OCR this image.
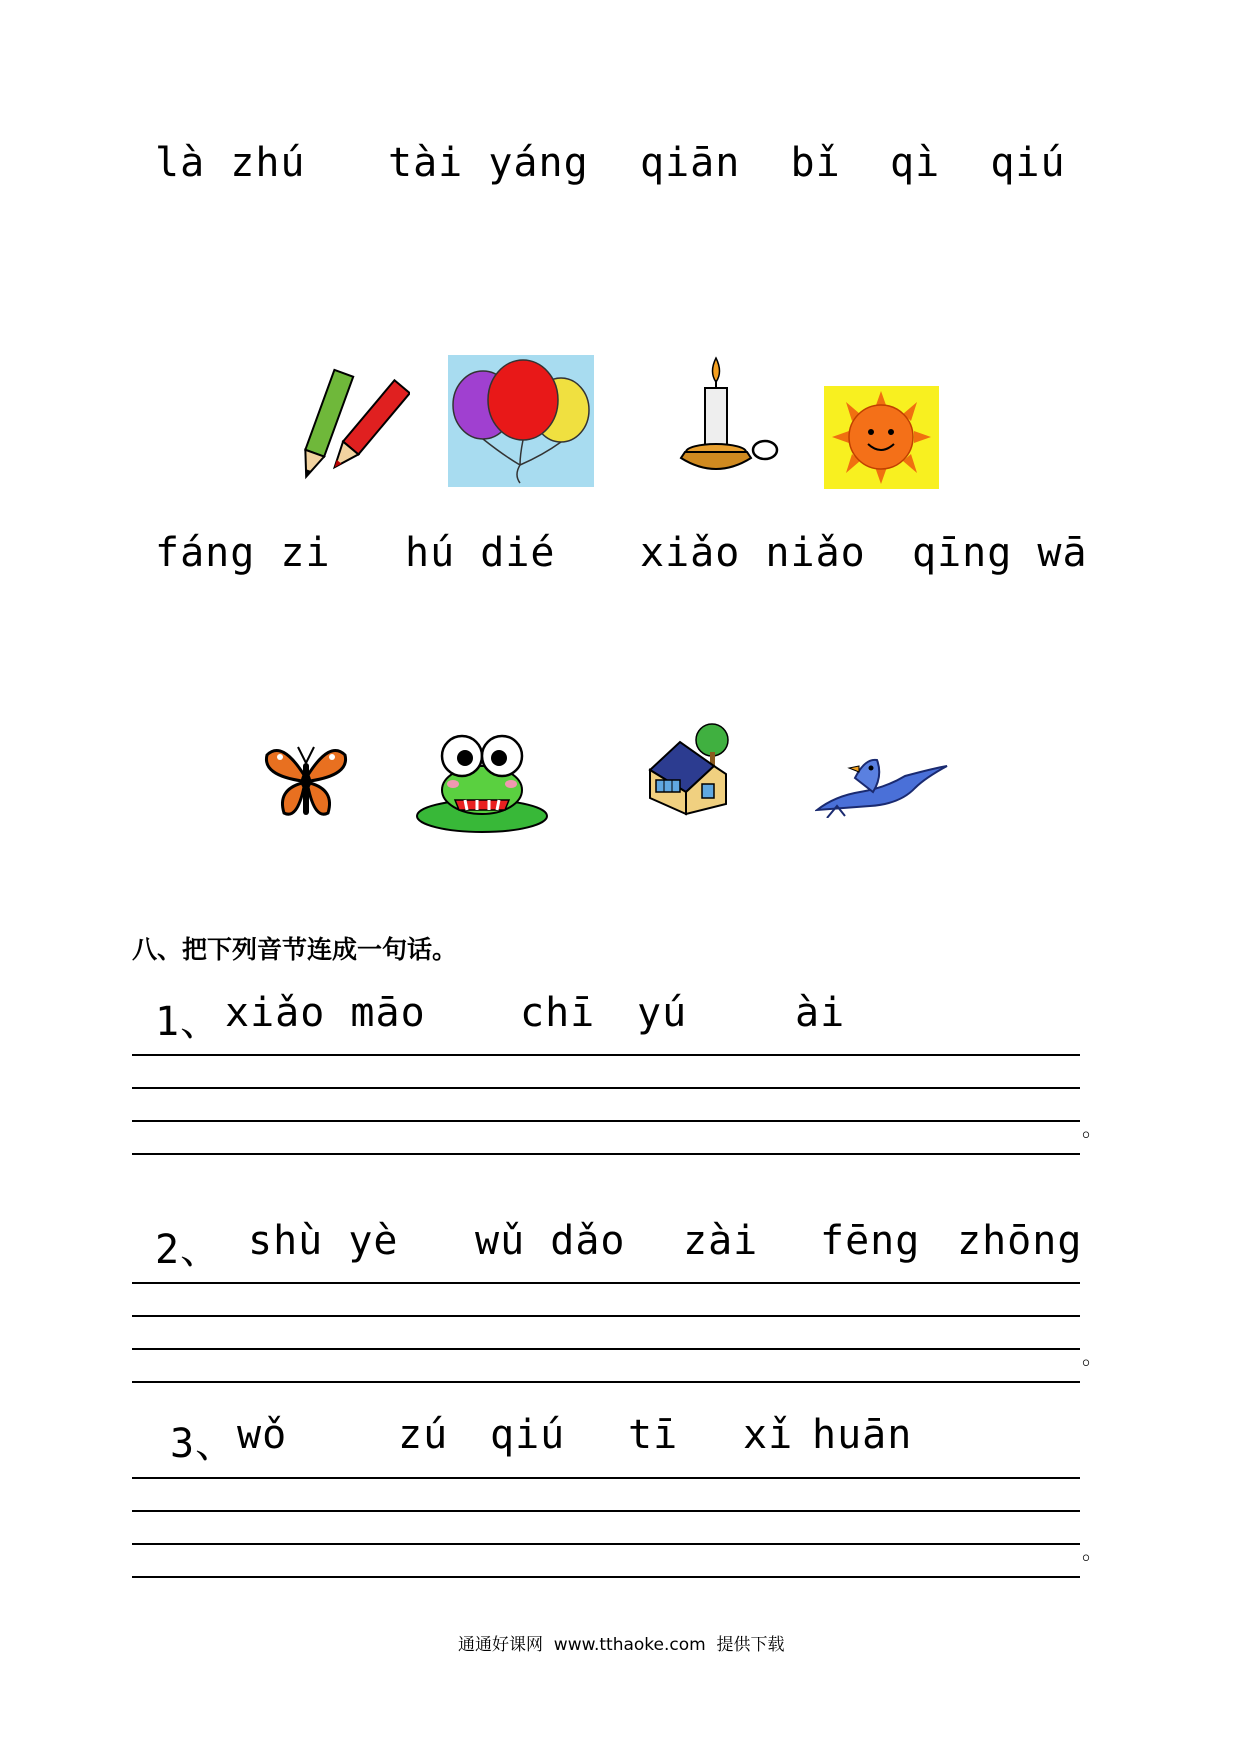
là zhú tài yáng qiān  bǐ qì  qiú
fáng zi hú dié xiǎo niǎo qīng wā
八、把下列音节连成一句话。
1、 xiǎo māo chī yú	ài
。
2、 shù yè wǔ dǎo zài fēng zhōng
。
3、 wǒ	zú qiú tī xǐ huān
。
通通好课网  www.tthaoke.com  提供下载
